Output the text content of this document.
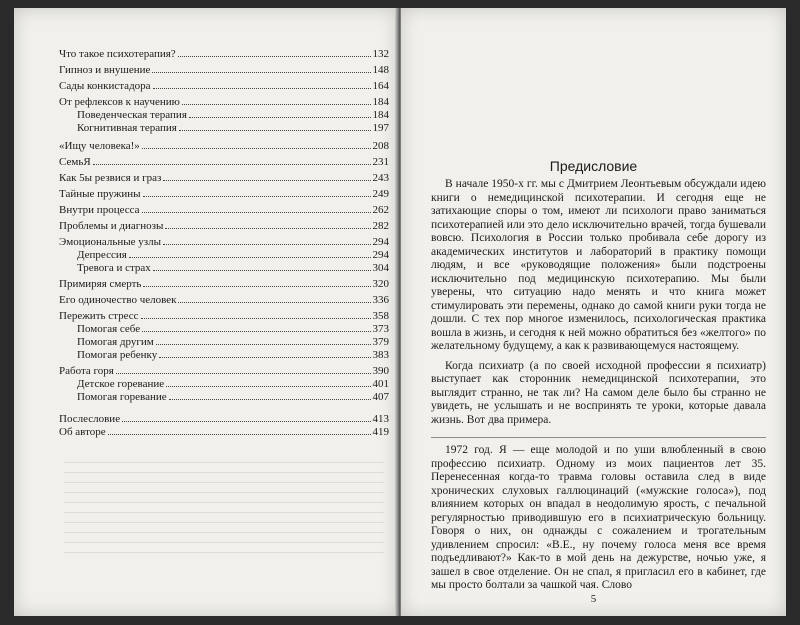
Что такое психотерапия?	132
Гипноз и внушение	148
Сады конкистадора	164
От рефлексов к научению	184
Поведенческая терапия	184
Когнитивная терапия	197
«Ищу человека!»	208
СемьЯ	231
Как 5ы резвися и граз	243
Тайные пружины	249
Внутри процесса	262
Проблемы и диагнозы	282
Эмоциональные узлы	294
Депрессия	294
Тревога и страх	304
Примиряя смерть	320
Его одиночество человек	336
Пережить стресс	358
Помогая себе	373
Помогая другим	379
Помогая ребенку	383
Работа горя	390
Детское горевание	401
Помогая горевание	407
Послесловие	413
Об авторе	419
Предисловие

В начале 1950-х гг. мы с Дмитрием Леонтьевым обсуждали идею книги о немедицинской психотерапии. И сегодня еще не затихающие споры о том, имеют ли психологи право заниматься психотерапией или это дело исключительно врачей, тогда бушевали вовсю. Психология в России только пробивала себе дорогу из академических институтов и лабораторий в практику помощи людям, и все «руководящие положения» были подстроены исключительно под медицинскую психотерапию. Мы были уверены, что ситуацию надо менять и что книга может стимулировать эти перемены, однако до самой книги руки тогда не дошли. С тех пор многое изменилось, психологическая практика вошла в жизнь, и сегодня к ней можно обратиться без «желтого» по желательному будущему, а как к развивающемуся настоящему.

Когда психиатр (а по своей исходной профессии я психиатр) выступает как сторонник немедицинской психотерапии, это выглядит странно, не так ли? На самом деле было бы странно не увидеть, не услышать и не воспринять те уроки, которые давала жизнь. Вот два примера.

1972 год. Я — еще молодой и по уши влюбленный в свою профессию психиатр. Одному из моих пациентов лет 35. Перенесенная когда-то травма головы оставила след в виде хронических слуховых галлюцинаций («мужские голоса»), под влиянием которых он впадал в неодолимую ярость, с печальной регулярностью приводившую его в психиатрическую больницу. Говоря о них, он однажды с сожалением и трогательным удивлением спросил: «В.Е., ну почему голоса меня все время подъедливают?» Как-то в мой день на дежурстве, ночью уже, я зашел в свое отделение. Он не спал, я пригласил его в кабинет, где мы просто болтали за чашкой чая. Слово

5
